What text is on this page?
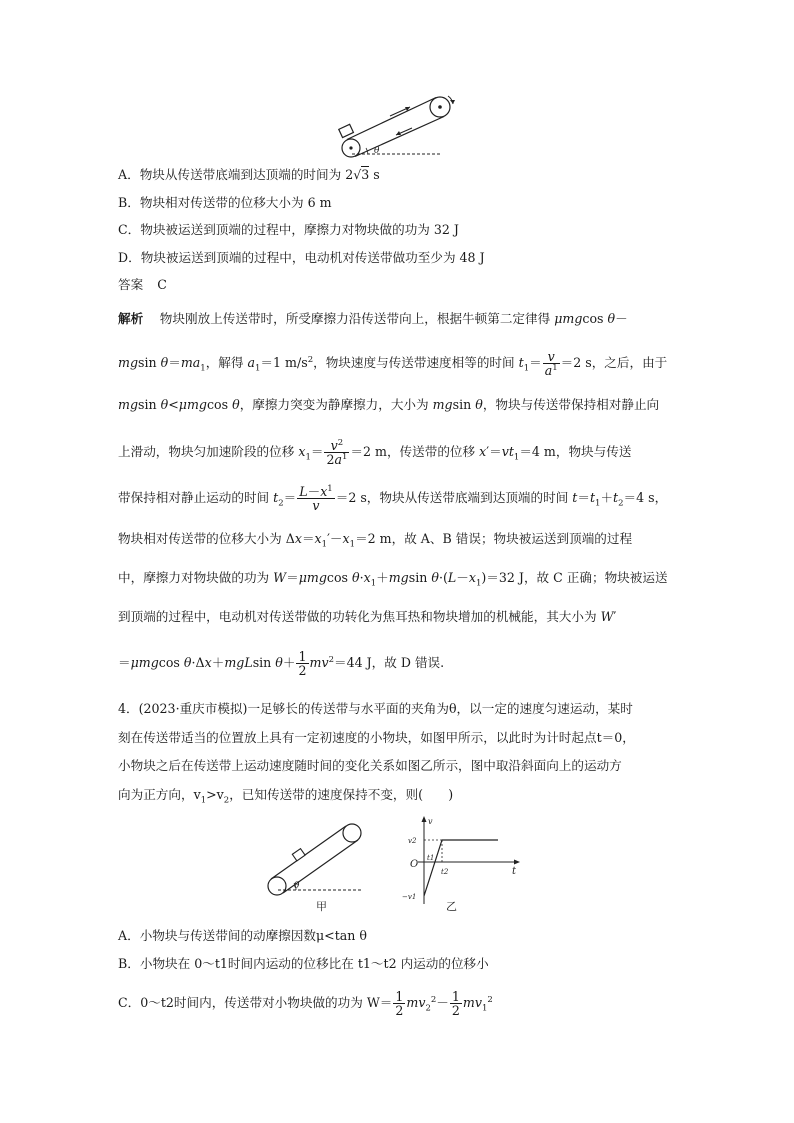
θ
A．物块从传送带底端到达顶端的时间为 2√3 s
B．物块相对传送带的位移大小为 6 m
C．物块被运送到顶端的过程中，摩擦力对物块做的功为 32 J
D．物块被运送到顶端的过程中，电动机对传送带做功至少为 48 J
答案 C
解析　 物块刚放上传送带时，所受摩擦力沿传送带向上，根据牛顿第二定律得 μmgcos θ－
mgsin $\theta=ma_1$，解得 $a_1=1$ $m/s^2$，物块速度与传送带速度相等的时间 $t_1= \frac{v}{a^1} =2$ s，之后，由于
mgsin θ<μmgcos θ，摩擦力突变为静摩擦力，大小为 mgsin θ，物块与传送带保持相对静止向
上滑动，物块匀加速阶段的位移 $x_1= \frac{v^2}{2a^1} =2$ m，传送带的位移 $x'=vt_1=4$ m，物块与传送
带保持相对静止运动的时间 $t_2= \frac{L-x^1}{v} =2$ s，物块从传送带底端到达顶端的时间 $t=t_1+t_2=4$ s，
物块相对传送带的位移大小为 $\Delta x=x_1'-x_1=2$ m，故 A、B 错误；物块被运送到顶端的过程
中，摩擦力对物块做的功为 W＝μmgcos $\theta\cdot x_1+mgsin$ $\theta\cdot(L-x_1)=32$ J，故 C 正确；物块被运送
到顶端的过程中，电动机对传送带做的功转化为焦耳热和物块增加的机械能，其大小为 W′
＝μmgcos θ·Δx＋mgLsin $\theta+ \frac{1}{2} mv^2=44$ J，故 D 错误.
4．(2023·重庆市模拟)一足够长的传送带与水平面的夹角为θ，以一定的速度匀速运动，某时
刻在传送带适当的位置放上具有一定初速度的小物块，如图甲所示，以此时为计时起点t＝0，
小物块之后在传送带上运动速度随时间的变化关系如图乙所示，图中取沿斜面向上的运动方
向为正方向，$v_1>v_2$，已知传送带的速度保持不变，则(　　)
θ
甲
v
t
O
v2
−v1
t1
t2
乙
A．小物块与传送带间的动摩擦因数μ<tan θ
B．小物块在 0～t1时间内运动的位移比在 t1～t2 内运动的位移小
C．0～t2时间内，传送带对小物块做的功为 $W= \frac{1}{2} mv_2^2- \frac{1}{2} mv_1^2$
